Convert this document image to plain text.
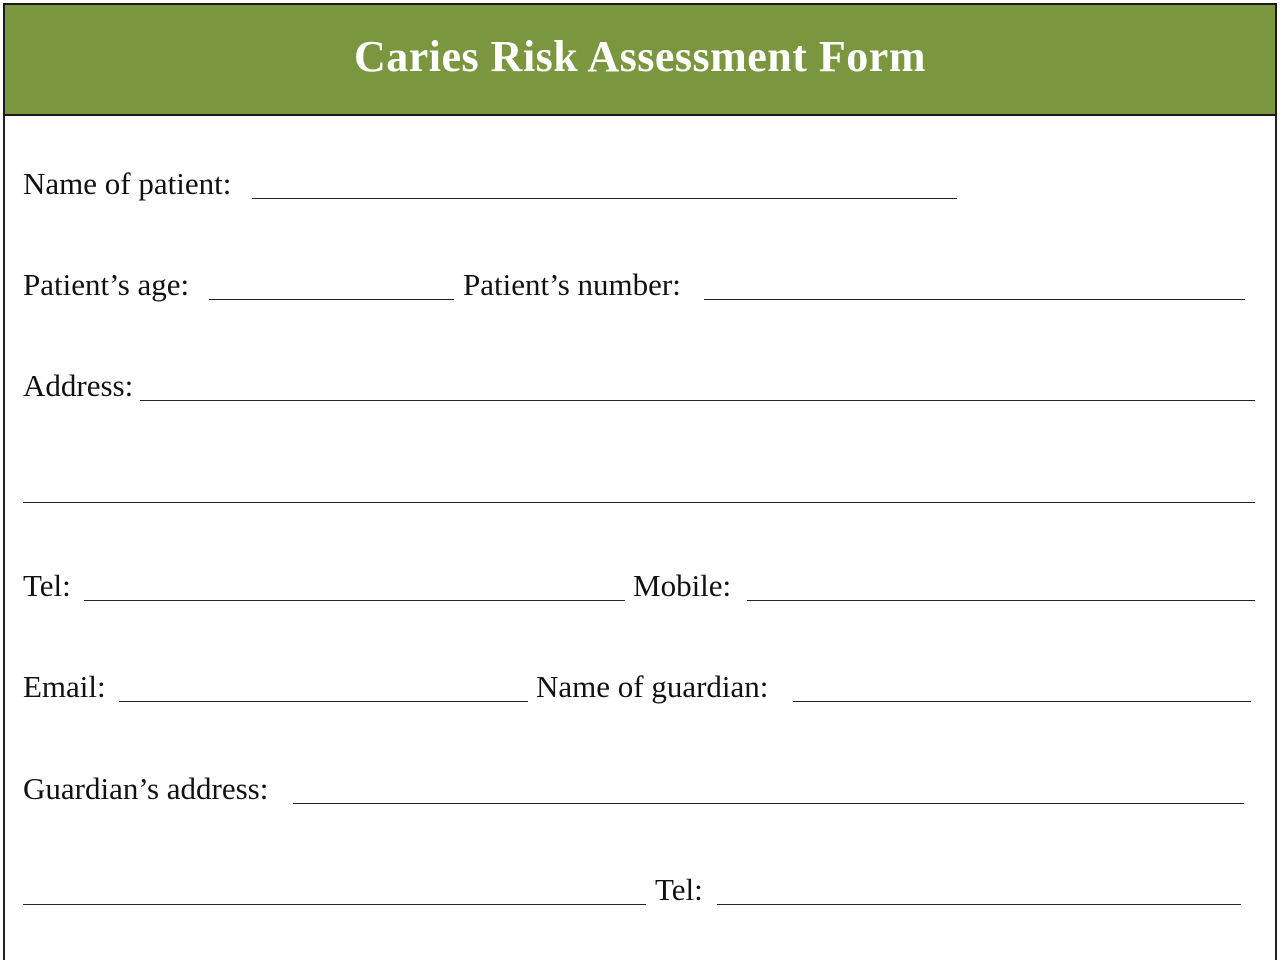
Caries Risk Assessment Form
Name of patient:
Patient’s age:	Patient’s number:
Address:
Tel:	Mobile:
Email:	Name of guardian:
Guardian’s address:
Tel:
